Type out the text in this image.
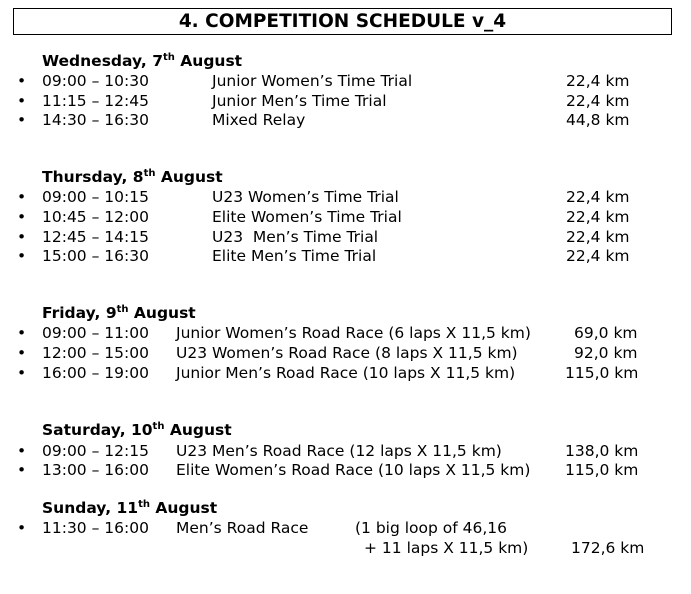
4. COMPETITION SCHEDULE v_4
Wednesday, 7th August
• 09:00 – 10:30	Junior Women’s Time Trial	22,4 km
• 11:15 – 12:45	Junior Men’s Time Trial	22,4 km
• 14:30 – 16:30	Mixed Relay	44,8 km
Thursday, 8th August
• 09:00 – 10:15	U23 Women’s Time Trial	22,4 km
• 10:45 – 12:00	Elite Women’s Time Trial	22,4 km
• 12:45 – 14:15	U23  Men’s Time Trial	22,4 km
• 15:00 – 16:30	Elite Men’s Time Trial	22,4 km
Friday, 9th August
• 09:00 – 11:00 Junior Women’s Road Race (6 laps X 11,5 km)	69,0 km
• 12:00 – 15:00 U23 Women’s Road Race (8 laps X 11,5 km)	92,0 km
• 16:00 – 19:00 Junior Men’s Road Race (10 laps X 11,5 km)	115,0 km
Saturday, 10th August
• 09:00 – 12:15 U23 Men’s Road Race (12 laps X 11,5 km)	138,0 km
• 13:00 – 16:00 Elite Women’s Road Race (10 laps X 11,5 km) 115,0 km
Sunday, 11th August
• 11:30 – 16:00 Men’s Road Race	(1 big loop of 46,16
+ 11 laps X 11,5 km)	172,6 km
